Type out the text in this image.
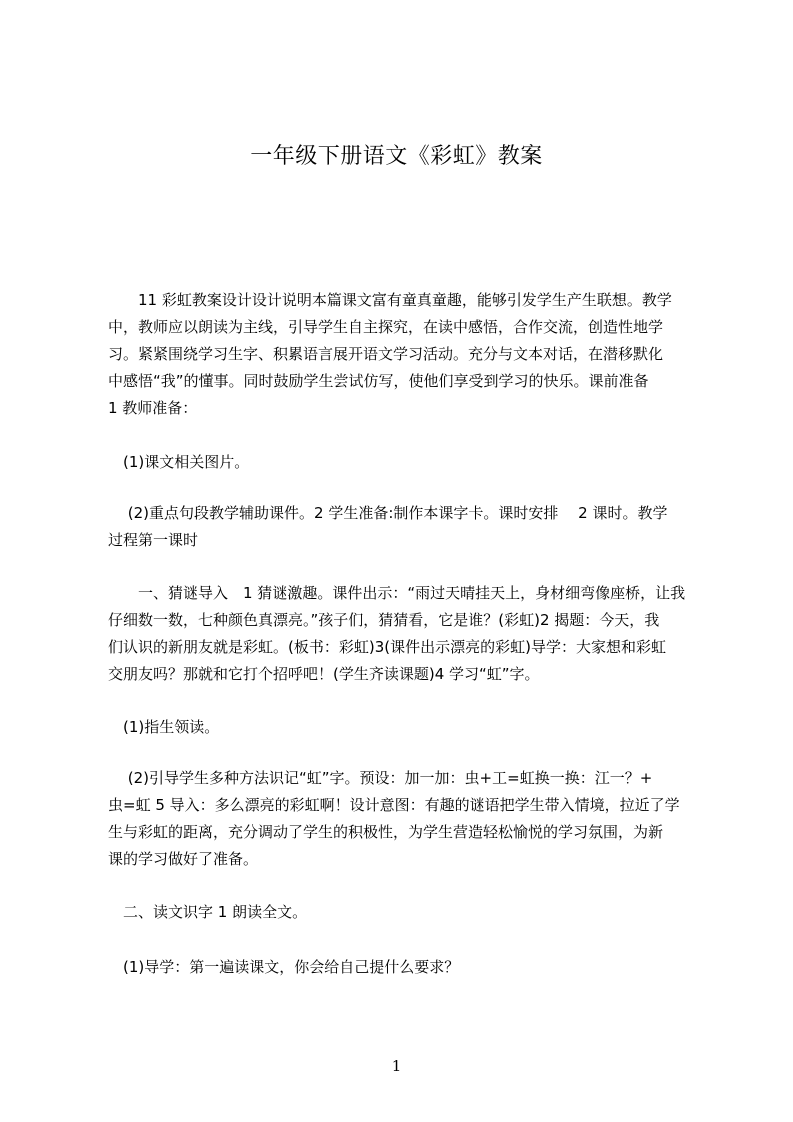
一年级下册语文《彩虹》教案
　　11 彩虹教案设计设计说明本篇课文富有童真童趣，能够引发学生产生联想。教学
中，教师应以朗读为主线，引导学生自主探究，在读中感悟，合作交流，创造性地学
习。紧紧围绕学习生字、积累语言展开语文学习活动。充分与文本对话，在潜移默化
中感悟“我”的懂事。同时鼓励学生尝试仿写，使他们享受到学习的快乐。课前准备
1 教师准备：
　(1)课文相关图片。
　 (2)重点句段教学辅助课件。2 学生准备:制作本课字卡。课时安排　 2 课时。教学
过程第一课时
　　一、猜谜导入　1 猜谜激趣。课件出示：“雨过天晴挂天上，身材细弯像座桥，让我
仔细数一数，七种颜色真漂亮。”孩子们，猜猜看，它是谁？(彩虹)2 揭题：今天，我
们认识的新朋友就是彩虹。(板书：彩虹)3(课件出示漂亮的彩虹)导学：大家想和彩虹
交朋友吗？那就和它打个招呼吧！(学生齐读课题)4 学习“虹”字。
　(1)指生领读。
　 (2)引导学生多种方法识记“虹”字。预设：加一加：虫+工=虹换一换：江一？+
虫=虹 5 导入：多么漂亮的彩虹啊！设计意图：有趣的谜语把学生带入情境，拉近了学
生与彩虹的距离，充分调动了学生的积极性，为学生营造轻松愉悦的学习氛围，为新
课的学习做好了准备。
　二、读文识字 1 朗读全文。
　(1)导学：第一遍读课文，你会给自己提什么要求？
1
